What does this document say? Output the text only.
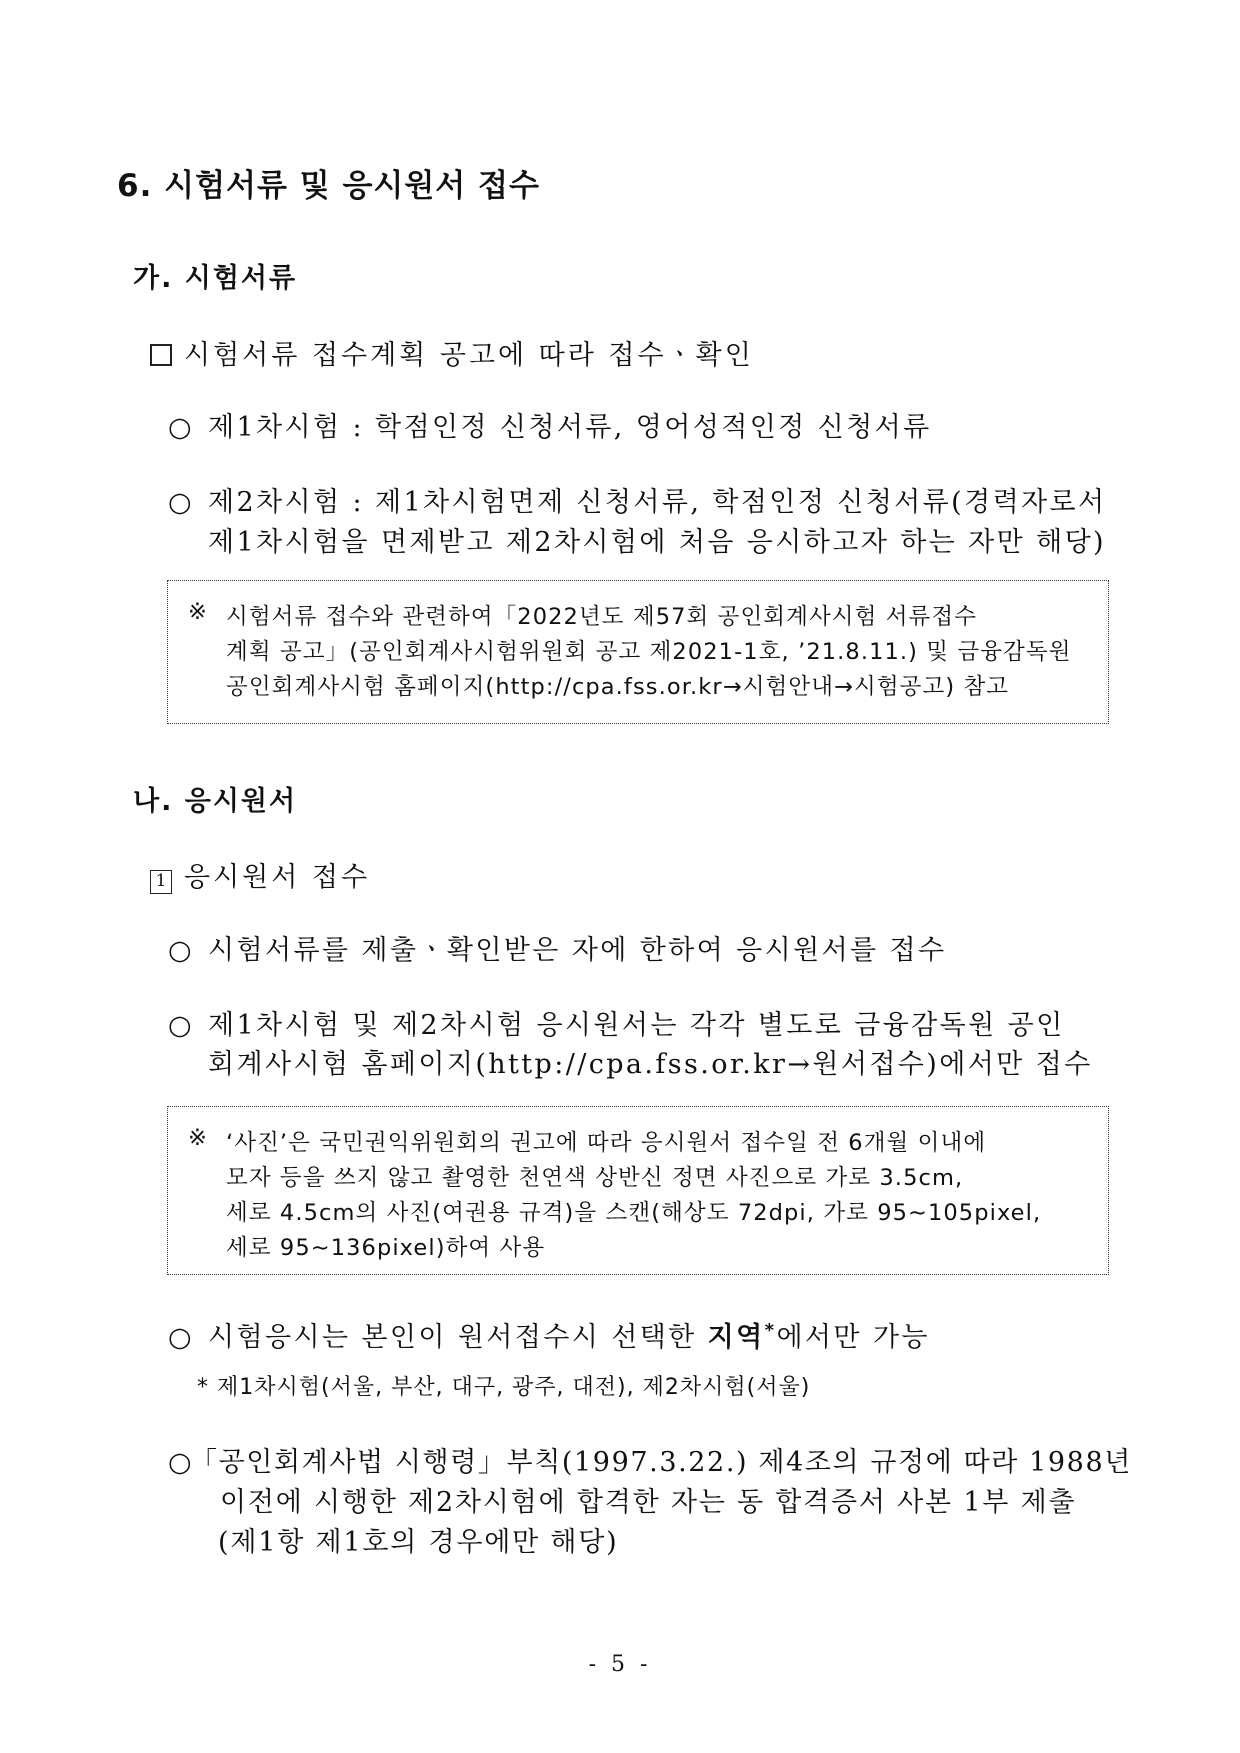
6. 시험서류 및 응시원서 접수
가. 시험서류
시험서류 접수계획 공고에 따라 접수ㆍ확인
○ 제1차시험 : 학점인정 신청서류, 영어성적인정 신청서류
○ 제2차시험 : 제1차시험면제 신청서류, 학점인정 신청서류(경력자로서
제1차시험을 면제받고 제2차시험에 처음 응시하고자 하는 자만 해당)
※ 시험서류 접수와 관련하여「2022년도 제57회 공인회계사시험 서류접수
계획 공고」(공인회계사시험위원회 공고 제2021-1호, ’21.8.11.) 및 금융감독원
공인회계사시험 홈페이지(http://cpa.fss.or.kr→시험안내→시험공고) 참고
나. 응시원서
1 응시원서 접수
○ 시험서류를 제출ㆍ확인받은 자에 한하여 응시원서를 접수
○ 제1차시험 및 제2차시험 응시원서는 각각 별도로 금융감독원 공인
회계사시험 홈페이지(http://cpa.fss.or.kr→원서접수)에서만 접수
※ ‘사진’은 국민권익위원회의 권고에 따라 응시원서 접수일 전 6개월 이내에
모자 등을 쓰지 않고 촬영한 천연색 상반신 정면 사진으로 가로 3.5cm,
세로 4.5cm의 사진(여권용 규격)을 스캔(해상도 72dpi, 가로 95∼105pixel,
세로 95∼136pixel)하여 사용
○ 시험응시는 본인이 원서접수시 선택한 지역*에서만 가능
* 제1차시험(서울, 부산, 대구, 광주, 대전), 제2차시험(서울)
○「공인회계사법 시행령」부칙(1997.3.22.) 제4조의 규정에 따라 1988년
이전에 시행한 제2차시험에 합격한 자는 동 합격증서 사본 1부 제출
(제1항 제1호의 경우에만 해당)
- 5 -
